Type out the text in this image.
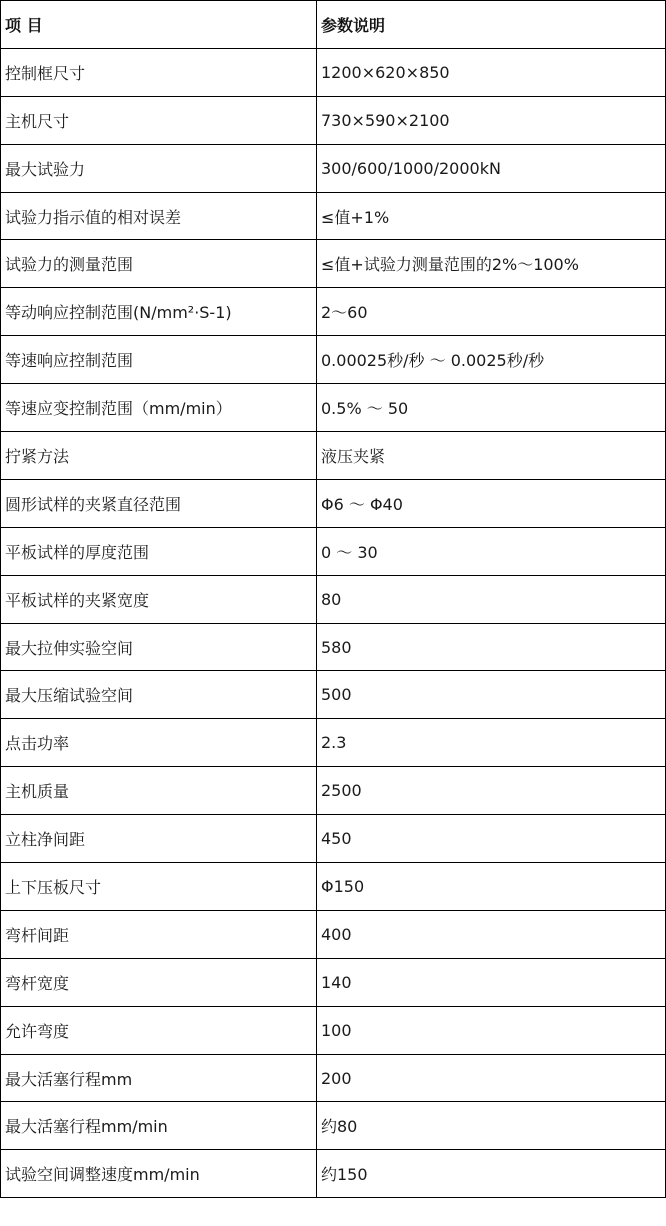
项 目	参数说明
控制框尺寸	1200×620×850
主机尺寸	730×590×2100
最大试验力	300/600/1000/2000kN
试验力指示值的相对误差	≤值+1%
试验力的测量范围	≤值+试验力测量范围的2%～100%
等动响应控制范围(N/mm²·S-1)	2～60
等速响应控制范围	0.00025秒/秒 ～ 0.0025秒/秒
等速应变控制范围（mm/min）	0.5% ～ 50
拧紧方法	液压夹紧
圆形试样的夹紧直径范围	Φ6 ～ Φ40
平板试样的厚度范围	0 ～ 30
平板试样的夹紧宽度	80
最大拉伸实验空间	580
最大压缩试验空间	500
点击功率	2.3
主机质量	2500
立柱净间距	450
上下压板尺寸	Φ150
弯杆间距	400
弯杆宽度	140
允许弯度	100
最大活塞行程mm	200
最大活塞行程mm/min	约80
试验空间调整速度mm/min	约150
